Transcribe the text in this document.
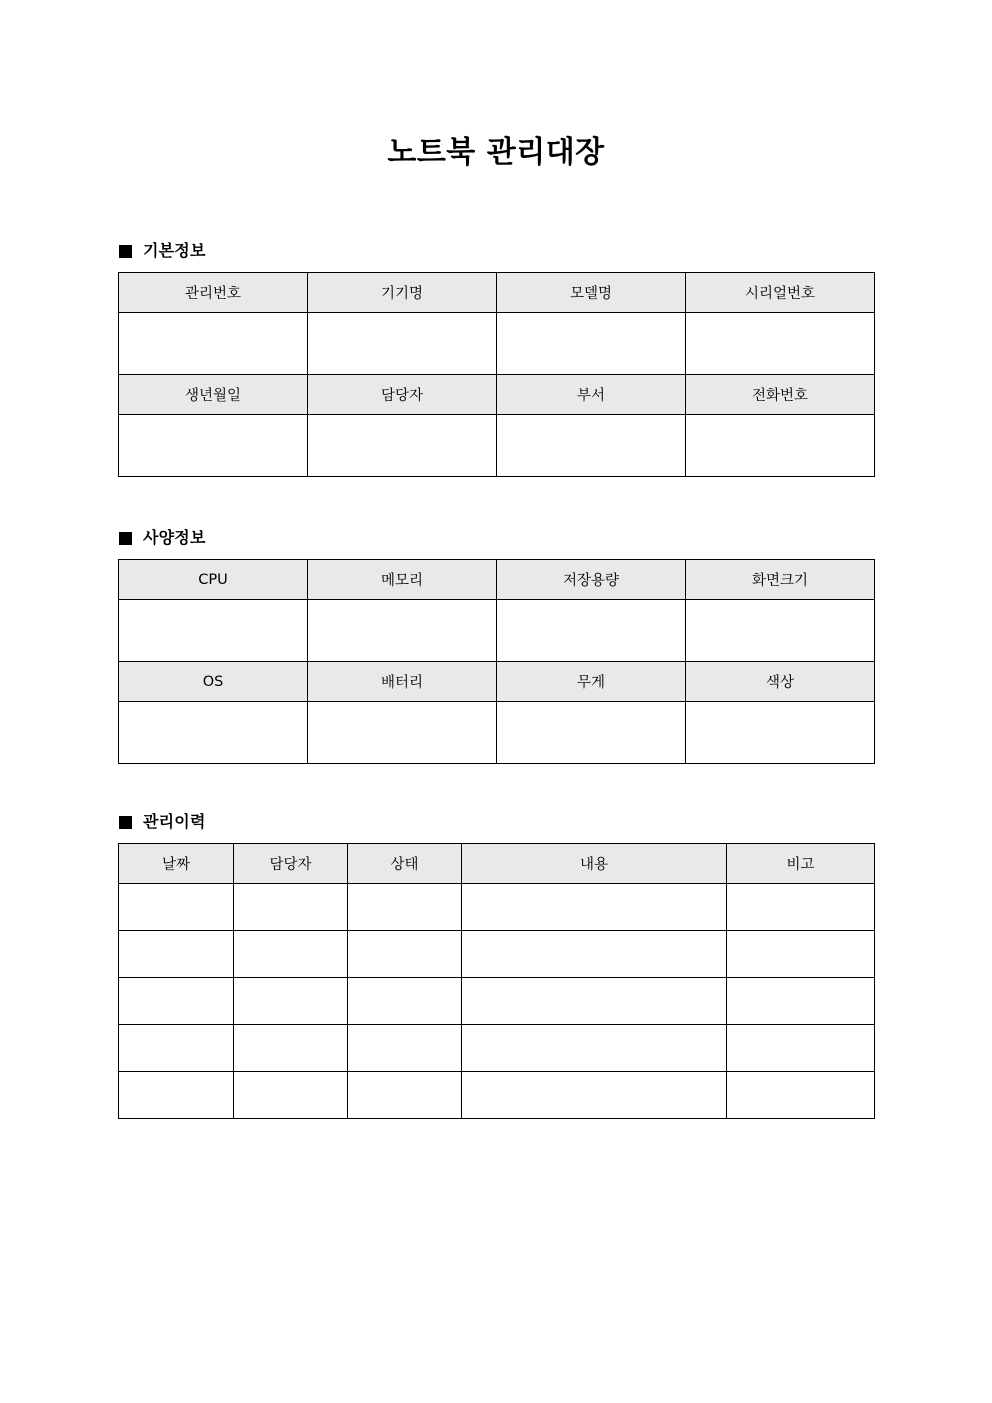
노트북 관리대장
기본정보
관리번호	기기명	모델명	시리얼번호

생년월일	담당자	부서	전화번호

사양정보
CPU	메모리	저장용량	화면크기

OS	배터리	무게	색상

관리이력
날짜	담당자	상태	내용	비고
